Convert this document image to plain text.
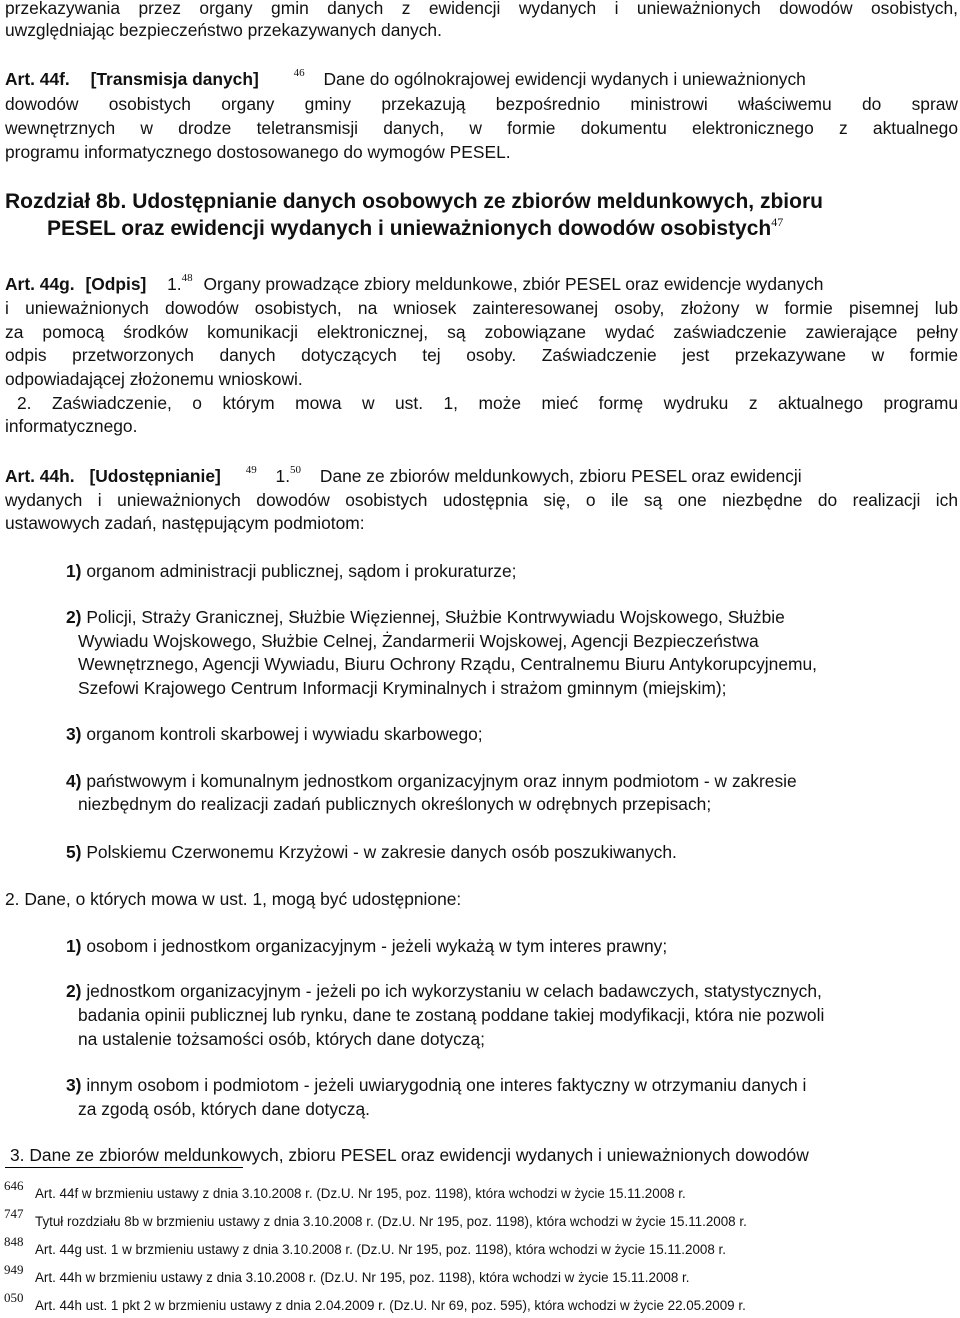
przekazywania przez organy gmin danych z ewidencji wydanych i unieważnionych dowodów osobistych,
uwzględniając bezpieczeństwo przekazywanych danych.
Art. 44f. [Transmisja danych]	$^{46}$ Dane do ogólnokrajowej ewidencji wydanych i unieważnionych
dowodów osobistych organy gminy przekazują bezpośrednio ministrowi właściwemu do spraw
wewnętrznych w drodze teletransmisji danych, w formie dokumentu elektronicznego z aktualnego
programu informatycznego dostosowanego do wymogów PESEL.
Rozdział 8b. Udostępnianie danych osobowych ze zbiorów meldunkowych, zbioru
PESEL oraz ewidencji wydanych i unieważnionych dowodów osobistych$^{47}$
Art. 44g. [Odpis] 1.48 Organy prowadzące zbiory meldunkowe, zbiór PESEL oraz ewidencje wydanych
i unieważnionych dowodów osobistych, na wniosek zainteresowanej osoby, złożony w formie pisemnej lub
za pomocą środków komunikacji elektronicznej, są zobowiązane wydać zaświadczenie zawierające pełny
odpis przetworzonych danych dotyczących tej osoby. Zaświadczenie jest przekazywane w formie
odpowiadającej złożonemu wnioskowi.
2. Zaświadczenie, o którym mowa w ust. 1, może mieć formę wydruku z aktualnego programu
informatycznego.
Art. 44h. [Udostępnianie] $^{49}$ 1.50 Dane ze zbiorów meldunkowych, zbioru PESEL oraz ewidencji
wydanych i unieważnionych dowodów osobistych udostępnia się, o ile są one niezbędne do realizacji ich
ustawowych zadań, następującym podmiotom:
1) organom administracji publicznej, sądom i prokuraturze;
2) Policji, Straży Granicznej, Służbie Więziennej, Służbie Kontrwywiadu Wojskowego, Służbie
Wywiadu Wojskowego, Służbie Celnej, Żandarmerii Wojskowej, Agencji Bezpieczeństwa
Wewnętrznego, Agencji Wywiadu, Biuru Ochrony Rządu, Centralnemu Biuru Antykorupcyjnemu,
Szefowi Krajowego Centrum Informacji Kryminalnych i strażom gminnym (miejskim);
3) organom kontroli skarbowej i wywiadu skarbowego;
4) państwowym i komunalnym jednostkom organizacyjnym oraz innym podmiotom - w zakresie
niezbędnym do realizacji zadań publicznych określonych w odrębnych przepisach;
5) Polskiemu Czerwonemu Krzyżowi - w zakresie danych osób poszukiwanych.
2. Dane, o których mowa w ust. 1, mogą być udostępnione:
1) osobom i jednostkom organizacyjnym - jeżeli wykażą w tym interes prawny;
2) jednostkom organizacyjnym - jeżeli po ich wykorzystaniu w celach badawczych, statystycznych,
badania opinii publicznej lub rynku, dane te zostaną poddane takiej modyfikacji, która nie pozwoli
na ustalenie tożsamości osób, których dane dotyczą;
3) innym osobom i podmiotom - jeżeli uwiarygodnią one interes faktyczny w otrzymaniu danych i
za zgodą osób, których dane dotyczą.
3. Dane ze zbiorów meldunkowych, zbioru PESEL oraz ewidencji wydanych i unieważnionych dowodów
646
Art. 44f w brzmieniu ustawy z dnia 3.10.2008 r. (Dz.U. Nr 195, poz. 1198), która wchodzi w życie 15.11.2008 r.
747
Tytuł rozdziału 8b w brzmieniu ustawy z dnia 3.10.2008 r. (Dz.U. Nr 195, poz. 1198), która wchodzi w życie 15.11.2008 r.
848
Art. 44g ust. 1 w brzmieniu ustawy z dnia 3.10.2008 r. (Dz.U. Nr 195, poz. 1198), która wchodzi w życie 15.11.2008 r.
949
Art. 44h w brzmieniu ustawy z dnia 3.10.2008 r. (Dz.U. Nr 195, poz. 1198), która wchodzi w życie 15.11.2008 r.
050
Art. 44h ust. 1 pkt 2 w brzmieniu ustawy z dnia 2.04.2009 r. (Dz.U. Nr 69, poz. 595), która wchodzi w życie 22.05.2009 r.
